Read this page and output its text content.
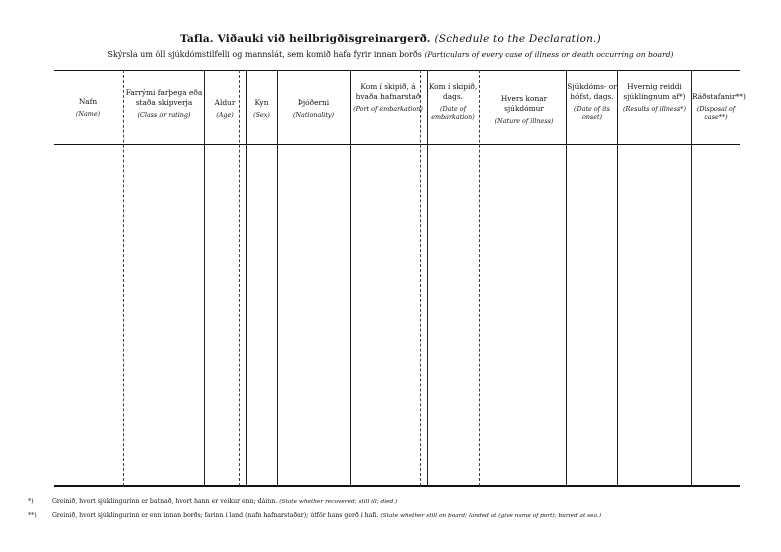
Tafla. Viðauki við heilbrigðisgreinargerð. (Schedule to the Declaration.)
Skýrsla um öll sjúkdómstilfelli og mannslát, sem komið hafa fyrir innan borðs (Particulars of every case of illness or death occurring on board)
Nafn
(Name)
Farrými farþega eða staða skipverja
(Class or rating)
Aldur
(Age)
Kyn
(Sex)
Þjóðerni
(Nationality)
Kom í skipið, á hvaða hafnarstað
(Port of embarkation)
Kom í skipið, dags.
(Date of embarkation)
Hvers konar sjúkdómur
(Nature of illness)
Sjúkdóms- or hófst, dags.
(Date of its onset)
Hvernig reiddi sjúklingnum af*)
(Results of illness*)
Ráðstafanir**)
(Disposal of case**)
*)	Greinið, hvort sjúklingurinn er batnað, hvort hann er veikur enn; dáinn. (State whether recovered; still ill; died.)
**) Greinið, hvort sjúklingurinn er enn innan borðs; farinn í land (nafn hafnarstaðar); útför hans gerð í hafi. (State whether still on board; landed at (give name of port); buried at sea.)
